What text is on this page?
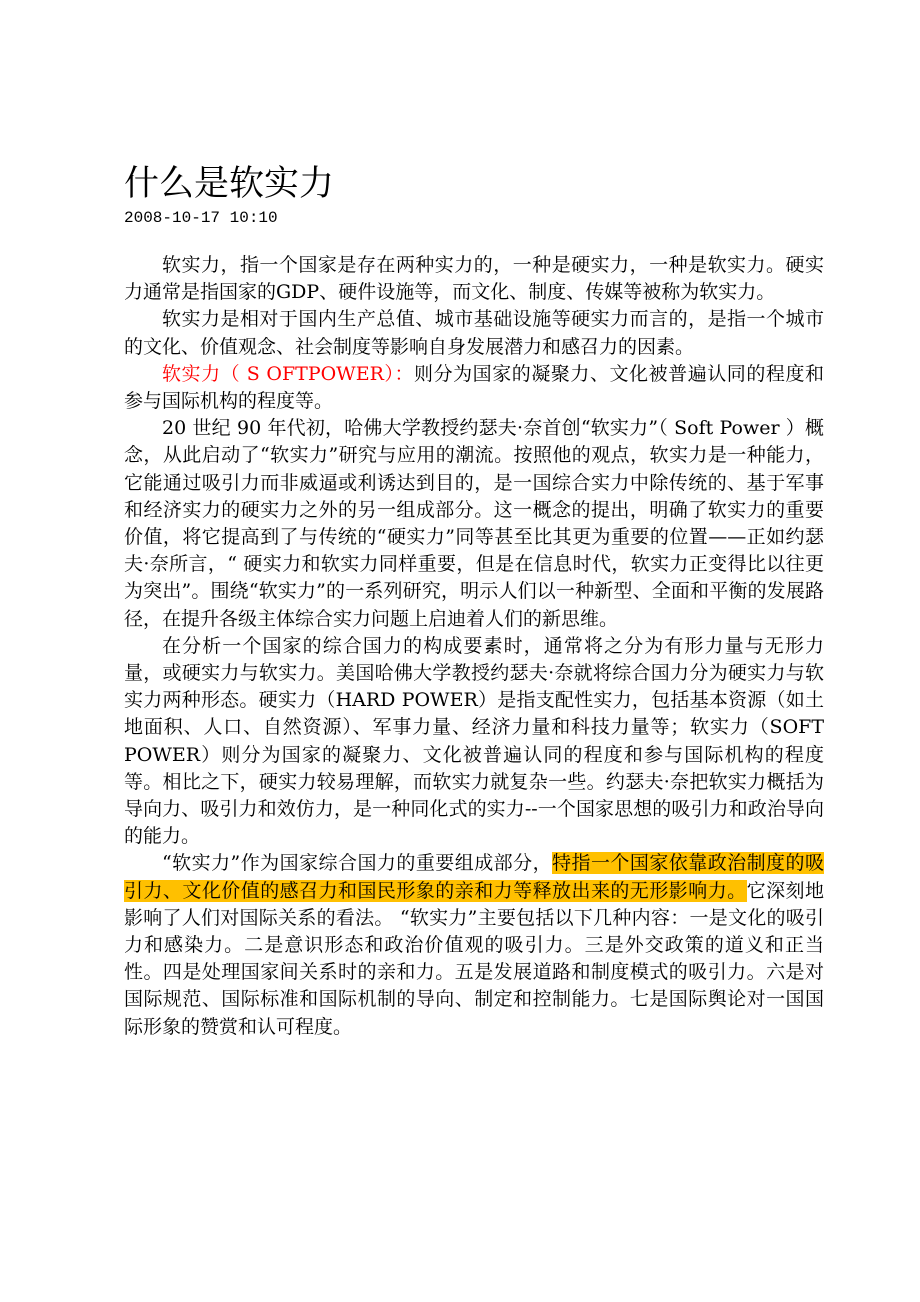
什么是软实力
2008-10-17 10:10

软实力，指一个国家是存在两种实力的，一种是硬实力，一种是软实力。硬实力通常是指国家的GDP、硬件设施等，而文化、制度、传媒等被称为软实力。

软实力是相对于国内生产总值、城市基础设施等硬实力而言的，是指一个城市的文化、价值观念、社会制度等影响自身发展潜力和感召力的因素。

软实力（ S OFTPOWER）：则分为国家的凝聚力、文化被普遍认同的程度和参与国际机构的程度等。

20 世纪 90 年代初，哈佛大学教授约瑟夫·奈首创“软实力”（ Soft Power ）概念，从此启动了“软实力”研究与应用的潮流。按照他的观点，软实力是一种能力，它能通过吸引力而非威逼或利诱达到目的，是一国综合实力中除传统的、基于军事和经济实力的硬实力之外的另一组成部分。这一概念的提出，明确了软实力的重要价值，将它提高到了与传统的“硬实力”同等甚至比其更为重要的位置——正如约瑟夫·奈所言，“ 硬实力和软实力同样重要，但是在信息时代，软实力正变得比以往更为突出”。围绕“软实力”的一系列研究，明示人们以一种新型、全面和平衡的发展路径，在提升各级主体综合实力问题上启迪着人们的新思维。

在分析一个国家的综合国力的构成要素时，通常将之分为有形力量与无形力量，或硬实力与软实力。美国哈佛大学教授约瑟夫·奈就将综合国力分为硬实力与软实力两种形态。硬实力（HARD POWER）是指支配性实力，包括基本资源（如土地面积、人口、自然资源）、军事力量、经济力量和科技力量等；软实力（SOFT POWER）则分为国家的凝聚力、文化被普遍认同的程度和参与国际机构的程度等。相比之下，硬实力较易理解，而软实力就复杂一些。约瑟夫·奈把软实力概括为导向力、吸引力和效仿力，是一种同化式的实力--一个国家思想的吸引力和政治导向的能力。

“软实力”作为国家综合国力的重要组成部分，特指一个国家依靠政治制度的吸引力、文化价值的感召力和国民形象的亲和力等释放出来的无形影响力。它深刻地影响了人们对国际关系的看法。 “软实力”主要包括以下几种内容：一是文化的吸引力和感染力。二是意识形态和政治价值观的吸引力。三是外交政策的道义和正当性。四是处理国家间关系时的亲和力。五是发展道路和制度模式的吸引力。六是对国际规范、国际标准和国际机制的导向、制定和控制能力。七是国际舆论对一国国际形象的赞赏和认可程度。
